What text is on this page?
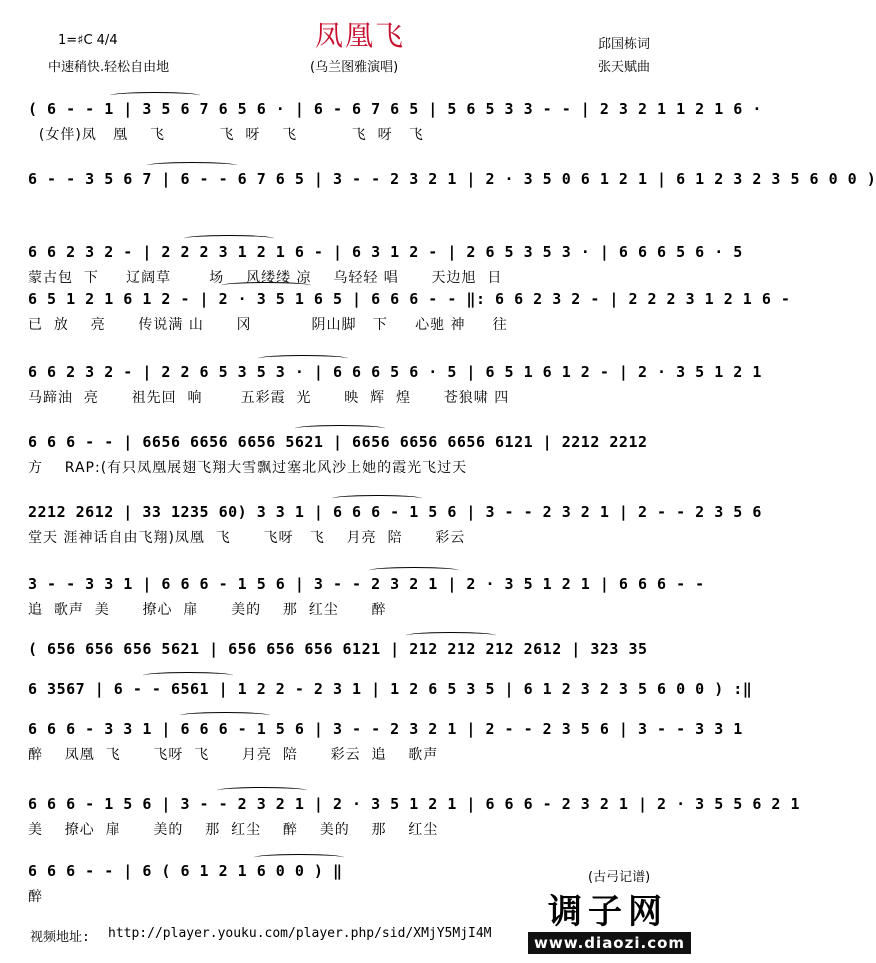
凤凰飞
1=♯C 4/4
中速稍快.轻松自由地	(乌兰图雅演唱)
邱国栋词
张天赋曲
( 6 - - 1 | 3 5 6 7 6 5 6 · | 6 - 6 7 6 5 | 5 6 5 3 3 - - | 2 3 2 1 1 2 1 6 ·
(女伴)凤   凰    飞          飞  呀    飞          飞  呀   飞
6 - - 3 5 6 7 | 6 - - 6 7 6 5 | 3 - - 2 3 2 1 | 2 · 3 5 0 6 1 2 1 | 6 1 2 3 2 3 5 6 0 0 )
6 6 2 3 2 - | 2 2 2 3 1 2 1 6 - | 6 3 1 2 - | 2 6 5 3 5 3 · | 6 6 6 5 6 · 5
蒙古包  下     辽阔草       场    风缕缕 凉    乌轻轻 唱      天边旭  日
6 5 1 2 1 6 1 2 - | 2 · 3 5 1 6 5 | 6 6 6 - - ‖: 6 6 2 3 2 - | 2 2 2 3 1 2 1 6 -
已  放    亮      传说满 山      冈           阴山脚   下     心驰 神     往
6 6 2 3 2 - | 2 2 6 5 3 5 3 · | 6 6 6 5 6 · 5 | 6 5 1 6 1 2 - | 2 · 3 5 1 2 1
马蹄油  亮      祖先回  响       五彩霞  光      映  辉  煌      苍狼啸 四
6 6 6 - - | 6656 6656 6656 5621 | 6656 6656 6656 6121 | 2212 2212
方    RAP:(有只凤凰展翅飞翔大雪飘过塞北风沙上她的霞光飞过天
2212 2612 | 33 1235 60) 3 3 1 | 6 6 6 - 1 5 6 | 3 - - 2 3 2 1 | 2 - - 2 3 5 6
堂天 涯神话自由飞翔)凤凰  飞      飞呀   飞    月亮  陪      彩云
3 - - 3 3 1 | 6 6 6 - 1 5 6 | 3 - - 2 3 2 1 | 2 · 3 5 1 2 1 | 6 6 6 - -
追  歌声  美      撩心  扉      美的    那  红尘      醉
( 656 656 656 5621 | 656 656 656 6121 | 212 212 212 2612 | 323 35
6 3567 | 6 - - 6561 | 1 2 2 - 2 3 1 | 1 2 6 5 3 5 | 6 1 2 3 2 3 5 6 0 0 ) :‖
6 6 6 - 3 3 1 | 6 6 6 - 1 5 6 | 3 - - 2 3 2 1 | 2 - - 2 3 5 6 | 3 - - 3 3 1
醉    凤凰  飞      飞呀  飞      月亮  陪      彩云  追    歌声
6 6 6 - 1 5 6 | 3 - - 2 3 2 1 | 2 · 3 5 1 2 1 | 6 6 6 - 2 3 2 1 | 2 · 3 5 5 6 2 1
美    撩心  扉      美的    那  红尘    醉    美的    那    红尘
6 6 6 - - | 6 ( 6 1 2 1 6 0 0 ) ‖
醉
(古弓记谱)
视频地址: http://player.youku.com/player.php/sid/XMjY5MjI4M
调子网
www.diaozi.com
